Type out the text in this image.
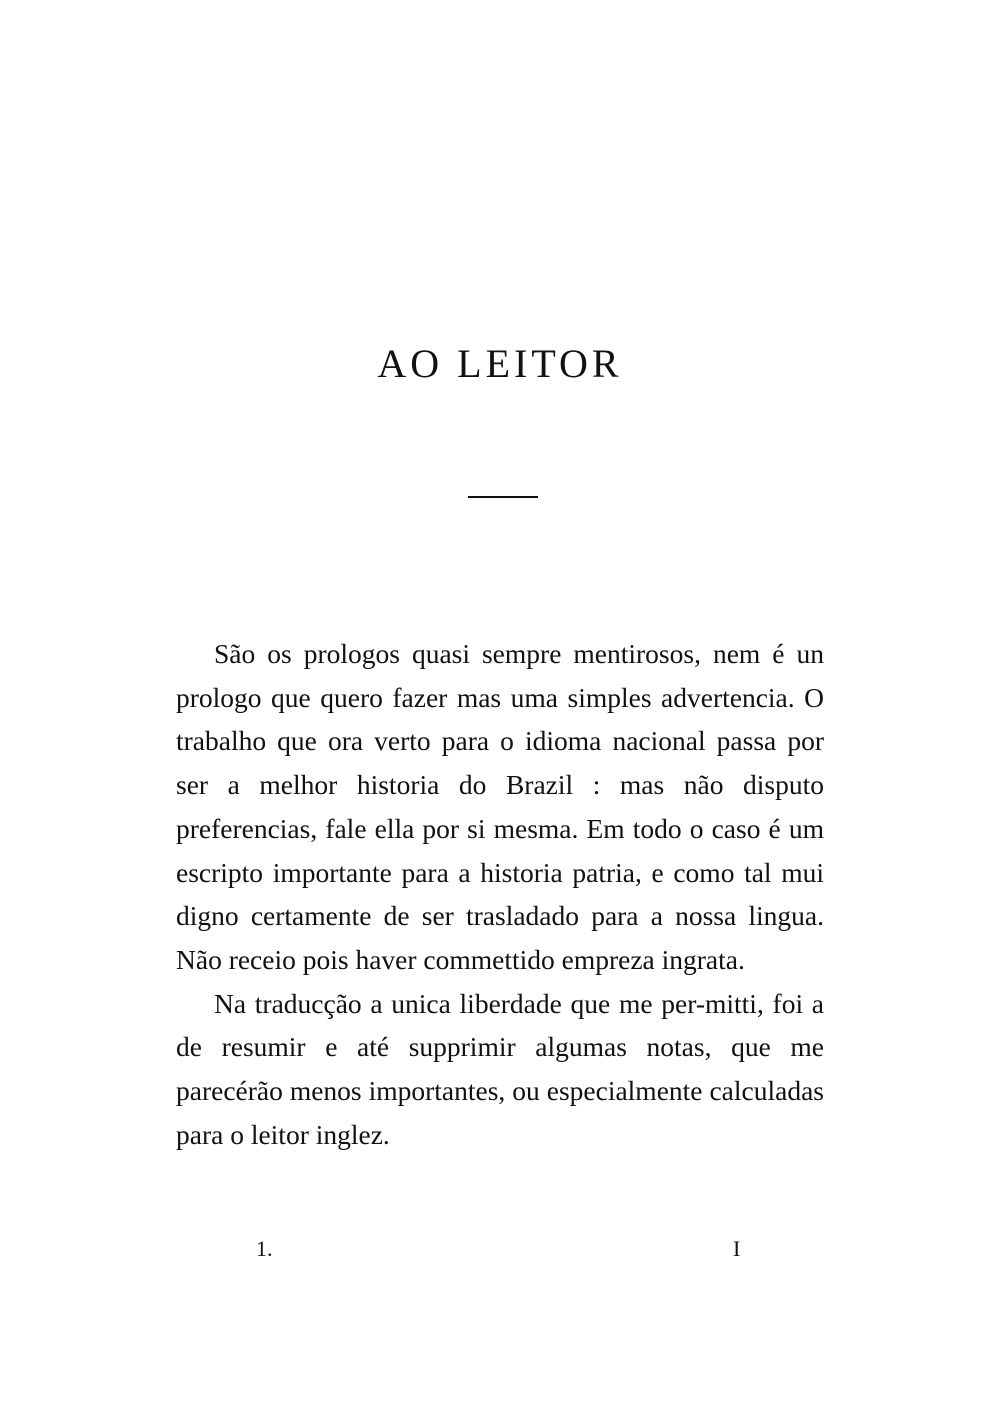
AO LEITOR

São os prologos quasi sempre mentirosos, nem é un prologo que quero fazer mas uma simples advertencia. O trabalho que ora verto para o idioma nacional passa por ser a melhor historia do Brazil : mas não disputo preferencias, fale ella por si mesma. Em todo o caso é um escripto importante para a historia patria, e como tal mui digno certamente de ser trasladado para a nossa lingua. Não receio pois haver commettido empreza ingrata.

Na traducção a unica liberdade que me per-mitti, foi a de resumir e até supprimir algumas notas, que me parecérão menos importantes, ou especialmente calculadas para o leitor inglez.

1.	I
